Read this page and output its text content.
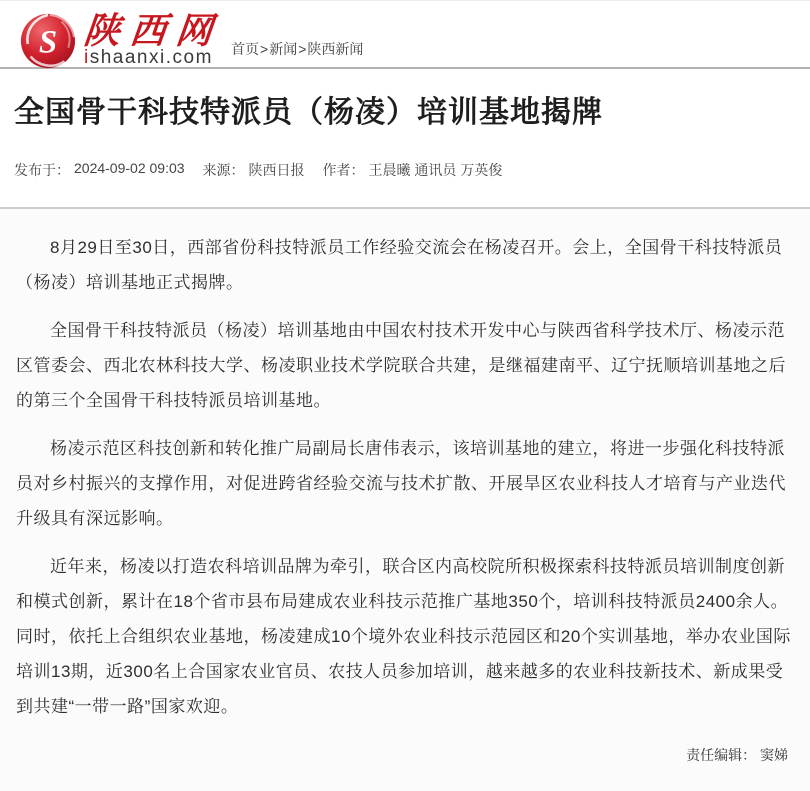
S 陕西网
ishaanxi.com	首页>新闻>陕西新闻
全国骨干科技特派员（杨凌）培训基地揭牌
发布于： 2024-09-02 09:03 来源： 陕西日报 作者： 王晨曦 通讯员 万英俊

8月29日至30日，西部省份科技特派员工作经验交流会在杨凌召开。会上，全国骨干科技特派员（杨凌）培训基地正式揭牌。

全国骨干科技特派员（杨凌）培训基地由中国农村技术开发中心与陕西省科学技术厅、杨凌示范区管委会、西北农林科技大学、杨凌职业技术学院联合共建，是继福建南平、辽宁抚顺培训基地之后的第三个全国骨干科技特派员培训基地。

杨凌示范区科技创新和转化推广局副局长唐伟表示，该培训基地的建立，将进一步强化科技特派员对乡村振兴的支撑作用，对促进跨省经验交流与技术扩散、开展旱区农业科技人才培育与产业迭代升级具有深远影响。

近年来，杨凌以打造农科培训品牌为牵引，联合区内高校院所积极探索科技特派员培训制度创新和模式创新，累计在18个省市县布局建成农业科技示范推广基地350个，培训科技特派员2400余人。同时，依托上合组织农业基地，杨凌建成10个境外农业科技示范园区和20个实训基地，举办农业国际培训13期，近300名上合国家农业官员、农技人员参加培训，越来越多的农业科技新技术、新成果受到共建“一带一路”国家欢迎。

责任编辑： 窦娣
